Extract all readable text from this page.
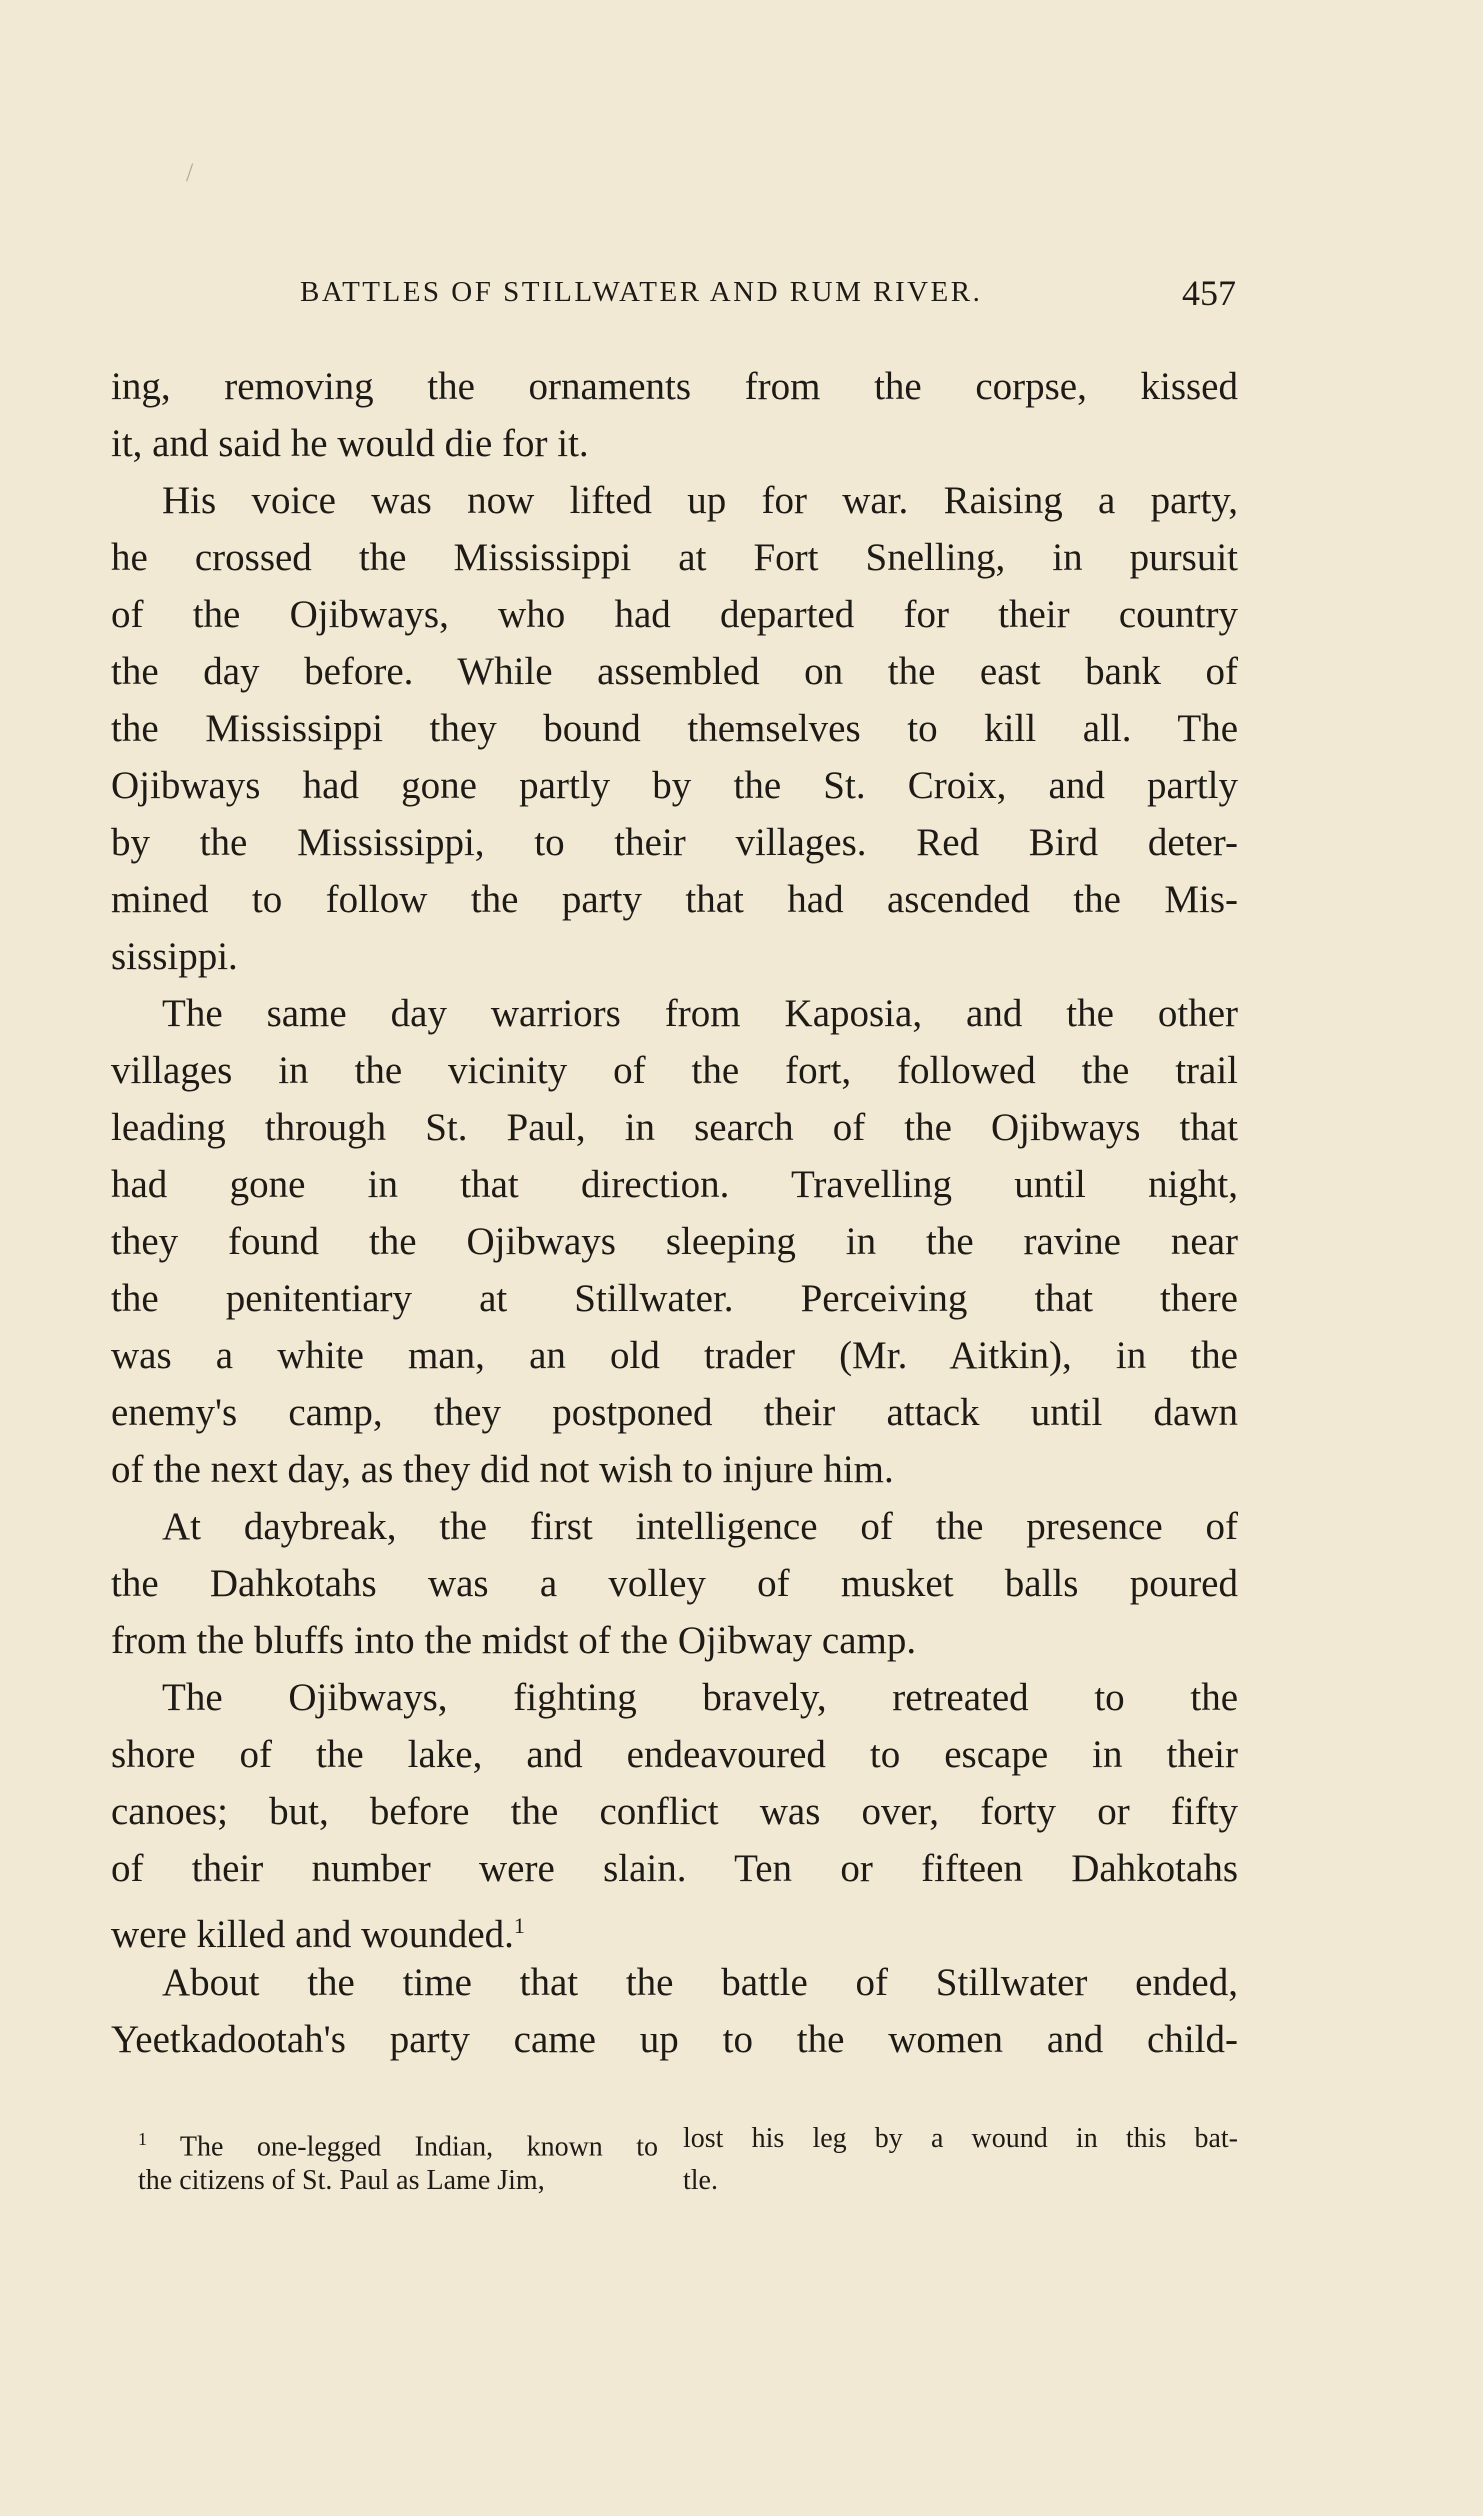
/
BATTLES OF STILLWATER AND RUM RIVER.	457
ing, removing the ornaments from the corpse, kissed
it, and said he would die for it.
His voice was now lifted up for war. Raising a party,
he crossed the Mississippi at Fort Snelling, in pursuit
of the Ojibways, who had departed for their country
the day before. While assembled on the east bank of
the Mississippi they bound themselves to kill all. The
Ojibways had gone partly by the St. Croix, and partly
by the Mississippi, to their villages. Red Bird deter-
mined to follow the party that had ascended the Mis-
sissippi.
The same day warriors from Kaposia, and the other
villages in the vicinity of the fort, followed the trail
leading through St. Paul, in search of the Ojibways that
had gone in that direction. Travelling until night,
they found the Ojibways sleeping in the ravine near
the penitentiary at Stillwater. Perceiving that there
was a white man, an old trader (Mr. Aitkin), in the
enemy's camp, they postponed their attack until dawn
of the next day, as they did not wish to injure him.
At daybreak, the first intelligence of the presence of
the Dahkotahs was a volley of musket balls poured
from the bluffs into the midst of the Ojibway camp.
The Ojibways, fighting bravely, retreated to the
shore of the lake, and endeavoured to escape in their
canoes; but, before the conflict was over, forty or fifty
of their number were slain. Ten or fifteen Dahkotahs
were killed and wounded.$^1$
About the time that the battle of Stillwater ended,
Yeetkadootah's party came up to the women and child-
$^1$ The one-legged Indian, known to
the citizens of St. Paul as Lame Jim,
lost his leg by a wound in this bat-
tle.
